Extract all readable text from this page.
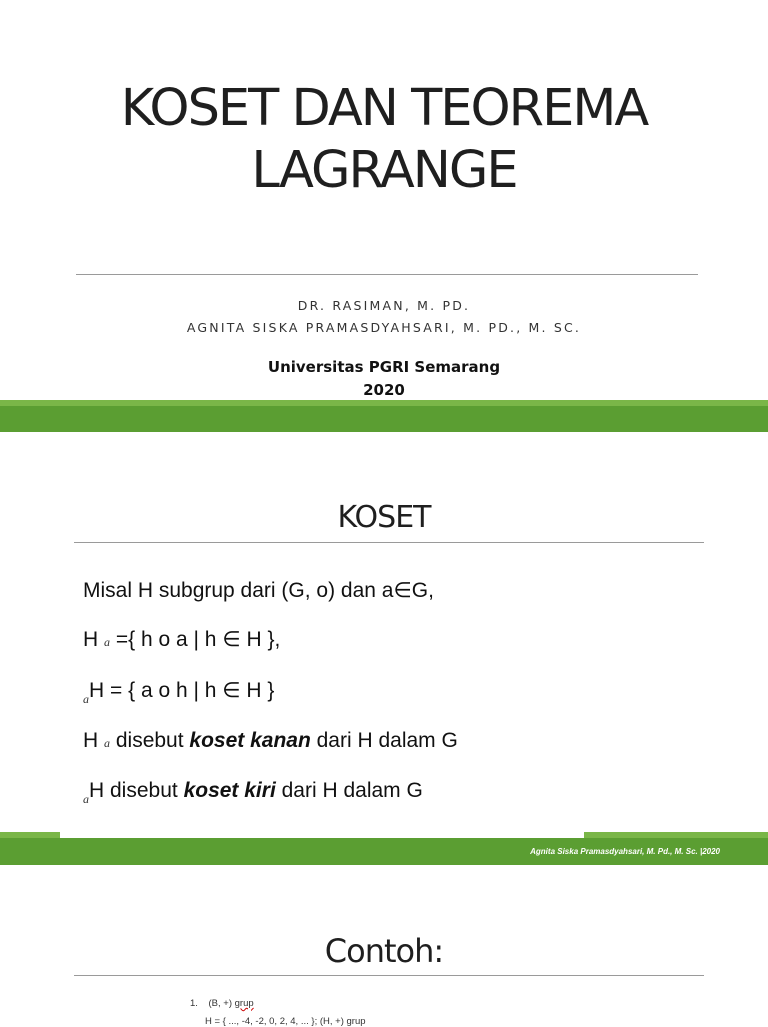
KOSET DAN TEOREMA
LAGRANGE
DR. RASIMAN, M. PD.
AGNITA SISKA PRAMASDYAHSARI, M. PD., M. SC.
Universitas PGRI Semarang
2020
KOSET
Misal H subgrup dari (G, o) dan a∈G,
H a ={ h o a | h ∈ H },
$_a$H = { a o h | h ∈ H }
H a disebut koset kanan dari H dalam G
$_a$H disebut koset kiri dari H dalam G
Agnita Siska Pramasdyahsari, M. Pd., M. Sc. |2020
Contoh:
1. (B, +) grup
H = { ..., -4, -2, 0, 2, 4, ... }; (H, +) grup
